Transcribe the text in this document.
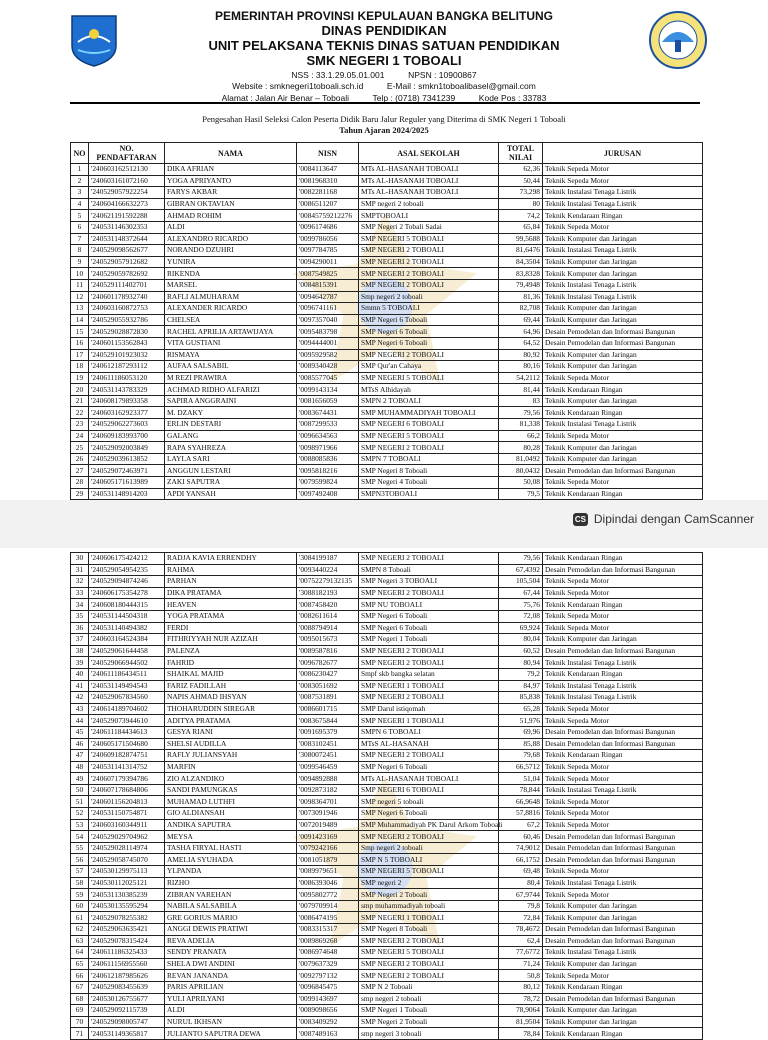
PEMERINTAH PROVINSI KEPULAUAN BANGKA BELITUNG
DINAS PENDIDIKAN
UNIT PELAKSANA TEKNIS DINAS SATUAN PENDIDIKAN
SMK NEGERI 1 TOBOALI
NSS : 33.1.29.05.01.001          NPSN : 10900867
Website : smknegeri1toboali.sch.id          E-Mail : smkn1toboalibasel@gmail.com
Alamat : Jalan Air Benar – Toboali          Telp : (0718) 7341239          Kode Pos : 33783
Pengesahan Hasil Seleksi Calon Peserta Didik Baru Jalur Reguler yang Diterima di SMK Negeri 1 Toboali
Tahun Ajaran 2024/2025
NO	NO. PENDAFTARAN	NAMA	NISN	ASAL SEKOLAH	TOTAL NILAI	JURUSAN
1	'240603162512130	DIKA AFRIAN	'0084113647	MTs AL-HASANAH TOBOALI	62,36	Teknik Sepeda Motor
2	'240603161072160	YOGA APRIYANTO	'0081968310	MTs AL-HASANAH TOBOALI	50,44	Teknik Sepeda Motor
3	'240529057922254	FARYS AKBAR	'0082281168	MTs AL-HASANAH TOBOALI	73,298	Teknik Instalasi Tenaga Listrik
4	'240604166632273	GIBRAN OKTAVIAN	'0086511207	SMP negeri 2 toboali	80	Teknik Instalasi Tenaga Listrik
5	'240621191592288	AHMAD ROHIM	'00845759212276	SMPTOBOALI	74,2	Teknik Kendaraan Ringan
6	'240531146302353	ALDI	'0096174686	SMP Negeri 2 Tobali Sadai	65,84	Teknik Sepeda Motor
7	'240531148372644	ALEXANDRO RICARDO	'0099786056	SMP NEGERI 5 TOBOALI	99,5688	Teknik Komputer dan Jaringan
8	'240529098562677	NORANDO DZUHRI	'0097784785	SMP NEGERI 2 TOBOALI	81,6476	Teknik Instalasi Tenaga Listrik
9	'240529057912682	YUNIRA	'0094290011	SMP NEGERI 2 TOBOALI	84,3504	Teknik Komputer dan Jaringan
10	'240529059782692	RIKENDA	'0087549825	SMP NEGERI 2 TOBOALI	83,8328	Teknik Komputer dan Jaringan
11	'240529111402701	MARSEL	'0084815391	SMP NEGERI 2 TOBOALI	79,4948	Teknik Instalasi Tenaga Listrik
12	'240601178932740	RAFLI ALMUHARAM	'0094642787	Smp negeri 2 toboali	81,36	Teknik Instalasi Tenaga Listrik
13	'240603160872753	ALEXANDER RICARDO	'0096741161	Smmn 5 TOBOALI	82,708	Teknik Komputer dan Jaringan
14	'240529055932786	CHELSEA	'0097357040	SMP Negeri 6 Toboali	69,44	Teknik Komputer dan Jaringan
15	'240529028872830	RACHEL APRILIA ARTAWIJAYA	'0095483798	SMP Negeri 6 Toboali	64,96	Desain Pemodelan dan Informasi Bangunan
16	'240601153562843	VITA GUSTIANI	'0094444001	SMP Negeri 6 Toboali	64,52	Desain Pemodelan dan Informasi Bangunan
17	'240529101923032	RISMAYA	'0095929582	SMP NEGERI 2 TOBOALI	80,92	Teknik Komputer dan Jaringan
18	'240612187293112	AUFAA SALSABIL	'0089340428	SMP Qur'an Cahaya	80,16	Teknik Komputer dan Jaringan
19	'240611186053120	M REZI PRAWIRA	'0085577045	SMP NEGERI 5 TOBOALI	54,2112	Teknik Sepeda Motor
20	'240531143783329	ACHMAD RIDHO ALFARIZI	'0099143134	MTsS Alhidayah	81,44	Teknik Kendaraan Ringan
21	'240608179893358	SAPIRA ANGGRAINI	'0081656059	SMPN 2 TOBOALI	83	Teknik Komputer dan Jaringan
22	'240603162923377	M. DZAKY	'0083674431	SMP MUHAMMADIYAH TOBOALI	79,56	Teknik Kendaraan Ringan
23	'240529062273603	ERLIN DESTARI	'0087299533	SMP NEGERI 6 TOBOALI	81,338	Teknik Instalasi Tenaga Listrik
24	'240609183993700	GALANG	'0096634563	SMP NEGERI 5 TOBOALI	66,2	Teknik Sepeda Motor
25	'240529092003849	RAPA SYAHREZA	'0098971966	SMP NEGERI 2 TOBOALI	80,28	Teknik Komputer dan Jaringan
26	'240529039613852	LAYLA SARI	'0088085836	SMPN 7 TOBOALI	81,0492	Teknik Komputer dan Jaringan
27	'240529072463971	ANGGUN LESTARI	'0095818216	SMP Negeri 8 Toboali	80,0432	Desain Pemodelan dan Informasi Bangunan
28	'240605171613989	ZAKI SAPUTRA	'0079599824	SMP Negeri 4 Toboali	50,08	Teknik Sepeda Motor
29	'240531148914203	APDI YANSAH	'0097492408	SMPN3TOBOALI	79,5	Teknik Kendaraan Ringan
CS Dipindai dengan CamScanner
30	'240606175424212	RADJA KAVIA ERRENDHY	'3084199187	SMP NEGERI 2 TOBOALI	79,56	Teknik Kendaraan Ringan
31	'240529054954235	RAHMA	'0093440224	SMPN 8 Toboali	67,4392	Desain Pemodelan dan Informasi Bangunan
32	'240529094874246	PARHAN	'00752279132135	SMP Negeri 3 TOBOALI	105,504	Teknik Sepeda Motor
33	'240606175354278	DIKA PRATAMA	'3088182193	SMP NEGERI 2 TOBOALI	67,44	Teknik Sepeda Motor
34	'240608180444315	HEAVEN	'0087458420	SMP NU TOBOALI	75,76	Teknik Kendaraan Ringan
35	'240531144504318	YOGA PRATAMA	'0082611614	SMP Negeri 6 Toboali	72,08	Teknik Sepeda Motor
36	'240531140494382	FERDI	'0088794914	SMP Negeri 6 Toboali	69,924	Teknik Sepeda Motor
37	'240603164524384	FITHRIYYAH NUR AZIZAH	'0095015673	SMP Negeri 1 Toboali	80,04	Teknik Komputer dan Jaringan
38	'240529061644458	PALENZA	'0089587816	SMP NEGERI 2 TOBOALI	60,52	Desain Pemodelan dan Informasi Bangunan
39	'240529066944502	FAHRID	'0096782677	SMP NEGERI 2 TOBOALI	80,94	Teknik Instalasi Tenaga Listrik
40	'240611186434511	SHAIKAL MAJID	'0086230427	Smpf skb bangka selatan	79,2	Teknik Kendaraan Ringan
41	'240531149494543	FARIZ FADILLAH	'0083051692	SMP NEGERI 1 TOBOALI	84,97	Teknik Instalasi Tenaga Listrik
42	'240529067834560	NAPIS AHMAD IHSYAN	'0087531891	SMP NEGERI 2 TOBOALI	85,838	Teknik Instalasi Tenaga Listrik
43	'240614189704602	THOHARUDDIN SIREGAR	'0086601715	SMP Darul istiqomah	65,28	Teknik Sepeda Motor
44	'240529073944610	ADITYA PRATAMA	'0083675844	SMP NEGERI 1 TOBOALI	51,976	Teknik Sepeda Motor
45	'240611184434613	GESYA RIANI	'0091695379	SMPN 6 TOBOALI	69,96	Desain Pemodelan dan Informasi Bangunan
46	'240605171504680	SHELSI AUDILLA	'0083102451	MTsS AL-HASANAH	85,88	Desain Pemodelan dan Informasi Bangunan
47	'240609182874751	RAFLY JULIANSYAH	'3080072451	SMP NEGERI 2 TOBOALI	79,68	Teknik Kendaraan Ringan
48	'240531141314752	MARFIN	'0099546459	SMP Negeri 6 Toboali	66,5712	Teknik Sepeda Motor
49	'240607179394786	ZIO ALZANDIKO	'0094892888	MTs AL-HASANAH TOBOALI	51,04	Teknik Sepeda Motor
50	'240607178684806	SANDI PAMUNGKAS	'0092873182	SMP NEGERI 6 TOBOALI	78,844	Teknik Instalasi Tenaga Listrik
51	'240601156204813	MUHAMAD LUTHFI	'0098364701	SMP negeri 5 toboali	66,9648	Teknik Sepeda Motor
52	'240531150754871	GIO ALDIANSAH	'0073091946	SMP Negeri 6 Toboali	57,8816	Teknik Sepeda Motor
53	'240603160344911	ANDIKA SAPUTRA	'0072019489	SMP Muhammadiyah PK Darul Arkom Toboali	67,2	Teknik Sepeda Motor
54	'240529029704962	MEYSA	'0091423169	SMP NEGERI 2 TOBOALI	60,46	Desain Pemodelan dan Informasi Bangunan
55	'240529028114974	TASHA FIRYAL HASTI	'0079242166	Smp negeri 2 toboali	74,9012	Desain Pemodelan dan Informasi Bangunan
56	'240529058745070	AMELIA SYUHADA	'0081051879	SMP N 5 TOBOALI	66,1752	Desain Pemodelan dan Informasi Bangunan
57	'240530129975113	YLPANDA	'0089979651	SMP NEGERI 5 TOBOALI	69,48	Teknik Sepeda Motor
58	'240530112025121	RIZHO	'0086393046	SMP negeri 2	80,4	Teknik Instalasi Tenaga Listrik
59	'240531130385239	ZIBRAN VAREHAN	'0095802772	SMP Negeri 2 Toboali	67,9744	Teknik Sepeda Motor
60	'240530135595294	NABILA SALSABILA	'0079709914	smp muhammadiyah toboali	79,8	Teknik Komputer dan Jaringan
61	'240529078255382	GRE GORIUS MARIO	'0086474195	SMP NEGERI 1 TOBOALI	72,84	Teknik Komputer dan Jaringan
62	'240529063635421	ANGGI DEWIS PRATIWI	'0083315317	SMP Negeri 8 Toboali	78,4672	Desain Pemodelan dan Informasi Bangunan
63	'240529078315424	REVA ADELIA	'0089869268	SMP NEGERI 2 TOBOALI	62,4	Desain Pemodelan dan Informasi Bangunan
64	'240611186325433	SENDY PRANATA	'0086974648	SMP NEGERI 5 TOBOALI	77,6772	Teknik Instalasi Tenaga Listrik
65	'240611156955560	SHELA DWI ANDINI	'0079637329	SMP NEGERI 2 TOBOALI	71,24	Teknik Komputer dan Jaringan
66	'240612187985626	REVAN JANANDA	'0092797132	SMP NEGERI 2 TOBOALI	50,8	Teknik Sepeda Motor
67	'240529083455639	PARIS APRILIAN	'0096845475	SMP N 2 Toboali	80,12	Teknik Kendaraan Ringan
68	'240530126755677	YULI APRILYANI	'0099143697	smp negeri 2 toboali	78,72	Desain Pemodelan dan Informasi Bangunan
69	'240529092115739	ALDI	'0089098656	SMP Negeri 1 Toboali	78,9064	Teknik Komputer dan Jaringan
70	'240529098005747	NURUL IKHSAN	'0083409292	SMP Negeri 2 Toboali	81,9504	Teknik Komputer dan Jaringan
71	'240531149365817	JULIANTO SAPUTRA DEWA	'0087489163	smp negeri 3 toboali	78,84	Teknik Kendaraan Ringan
